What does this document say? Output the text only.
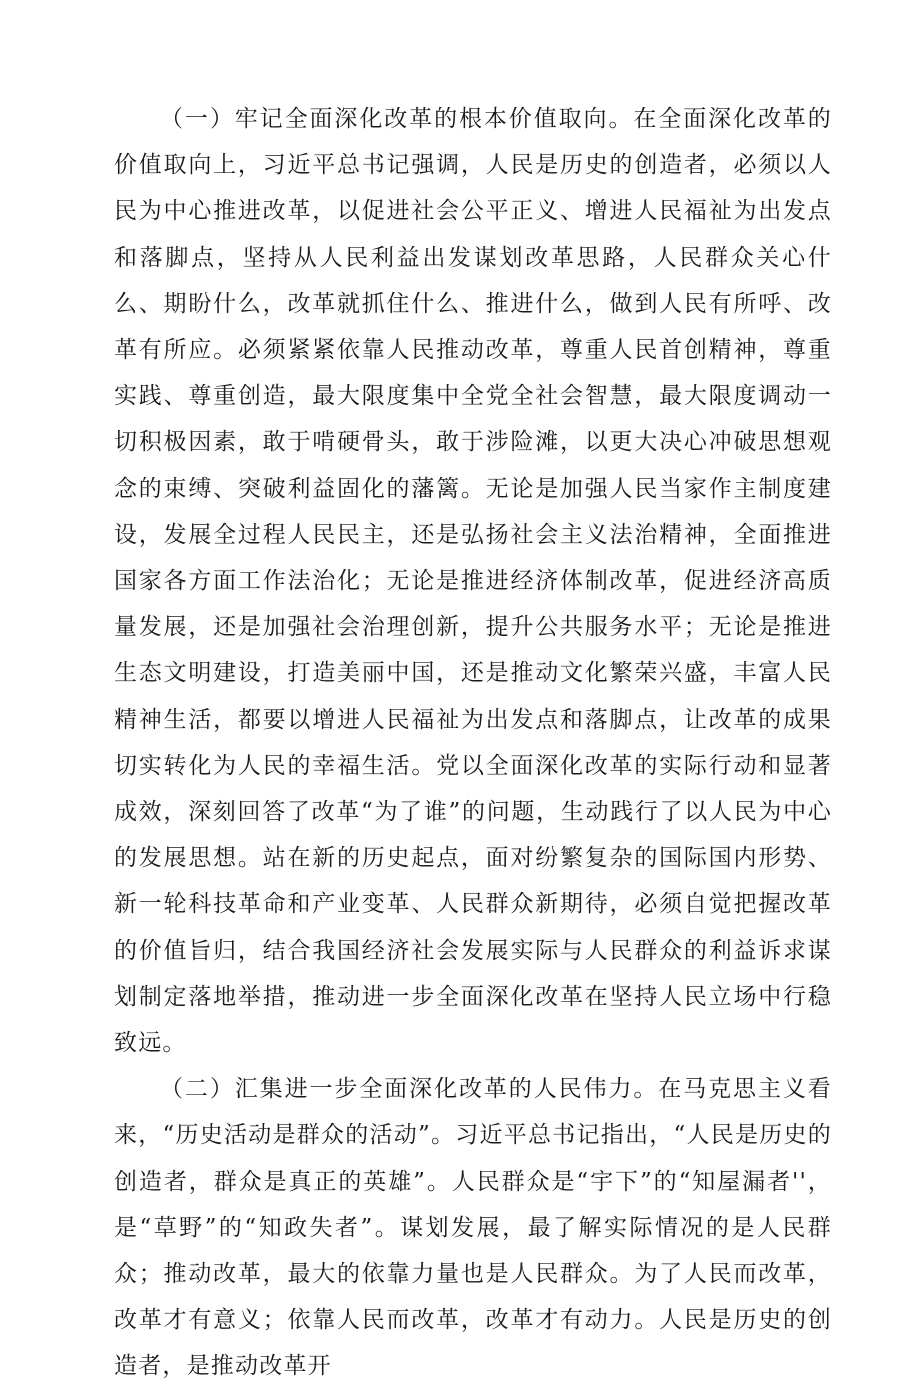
（一）牢记全面深化改革的根本价值取向。在全面深化改革的价值取向上，习近平总书记强调，人民是历史的创造者，必须以人民为中心推进改革，以促进社会公平正义、增进人民福祉为出发点和落脚点，坚持从人民利益出发谋划改革思路，人民群众关心什么、期盼什么，改革就抓住什么、推进什么，做到人民有所呼、改革有所应。必须紧紧依靠人民推动改革，尊重人民首创精神，尊重实践、尊重创造，最大限度集中全党全社会智慧，最大限度调动一切积极因素，敢于啃硬骨头，敢于涉险滩，以更大决心冲破思想观念的束缚、突破利益固化的藩篱。无论是加强人民当家作主制度建设，发展全过程人民民主，还是弘扬社会主义法治精神，全面推进国家各方面工作法治化；无论是推进经济体制改革，促进经济高质量发展，还是加强社会治理创新，提升公共服务水平；无论是推进生态文明建设，打造美丽中国，还是推动文化繁荣兴盛，丰富人民精神生活，都要以增进人民福祉为出发点和落脚点，让改革的成果切实转化为人民的幸福生活。党以全面深化改革的实际行动和显著成效，深刻回答了改革“为了谁”的问题，生动践行了以人民为中心的发展思想。站在新的历史起点，面对纷繁复杂的国际国内形势、新一轮科技革命和产业变革、人民群众新期待，必须自觉把握改革的价值旨归，结合我国经济社会发展实际与人民群众的利益诉求谋划制定落地举措，推动进一步全面深化改革在坚持人民立场中行稳致远。

（二）汇集进一步全面深化改革的人民伟力。在马克思主义看来，“历史活动是群众的活动”。习近平总书记指出，“人民是历史的创造者，群众是真正的英雄”。人民群众是“宇下”的“知屋漏者''，是“草野”的“知政失者”。谋划发展，最了解实际情况的是人民群众；推动改革，最大的依靠力量也是人民群众。为了人民而改革，改革才有意义；依靠人民而改革，改革才有动力。人民是历史的创造者，是推动改革开
